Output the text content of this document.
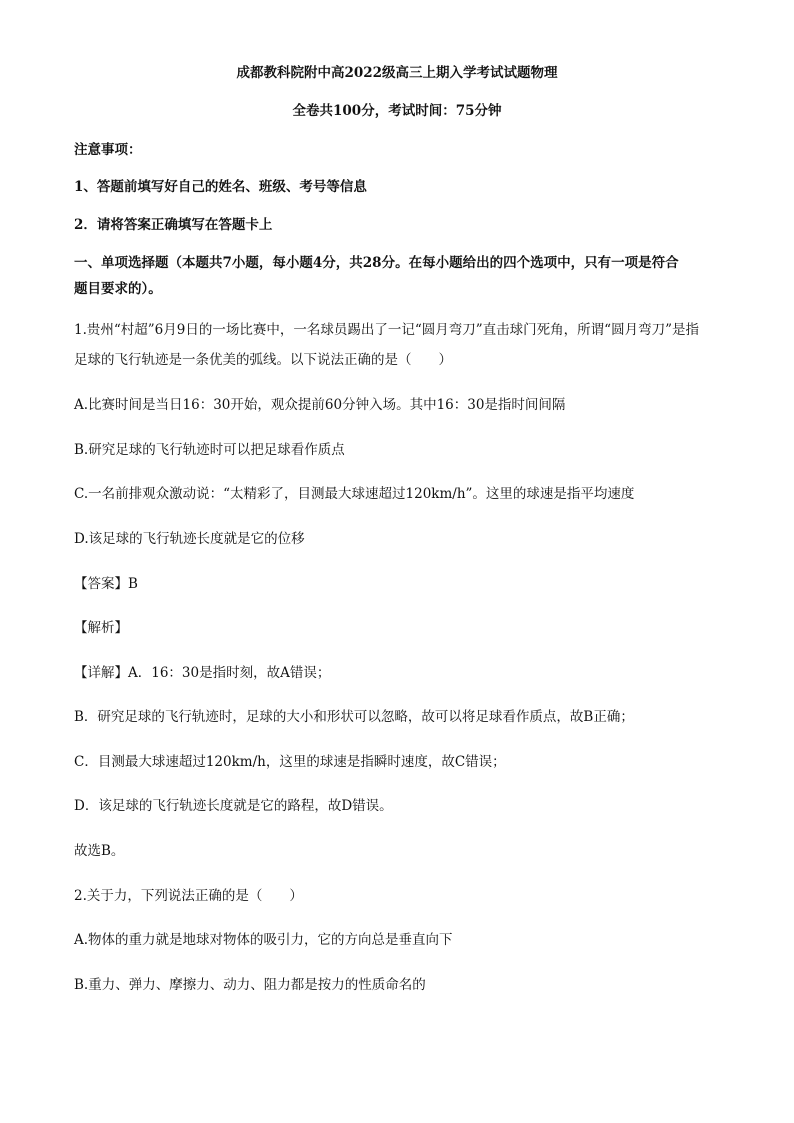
成都教科院附中高2022级高三上期入学考试试题物理
全卷共100分，考试时间：75分钟
注意事项：
1、答题前填写好自己的姓名、班级、考号等信息
2．请将答案正确填写在答题卡上
一、单项选择题（本题共7小题，每小题4分，共28分。在每小题给出的四个选项中，只有一项是符合
题目要求的）。
1.贵州“村超”6月9日的一场比赛中，一名球员踢出了一记“圆月弯刀”直击球门死角，所谓“圆月弯刀”是指
足球的飞行轨迹是一条优美的弧线。以下说法正确的是（　　）
A.比赛时间是当日16：30开始，观众提前60分钟入场。其中16：30是指时间间隔
B.研究足球的飞行轨迹时可以把足球看作质点
C.一名前排观众激动说：“太精彩了，目测最大球速超过120km/h”。这里的球速是指平均速度
D.该足球的飞行轨迹长度就是它的位移
【答案】B
【解析】
【详解】A．16：30是指时刻，故A错误；
B．研究足球的飞行轨迹时，足球的大小和形状可以忽略，故可以将足球看作质点，故B正确；
C．目测最大球速超过120km/h，这里的球速是指瞬时速度，故C错误；
D．该足球的飞行轨迹长度就是它的路程，故D错误。
故选B。
2.关于力，下列说法正确的是（　　）
A.物体的重力就是地球对物体的吸引力，它的方向总是垂直向下
B.重力、弹力、摩擦力、动力、阻力都是按力的性质命名的
